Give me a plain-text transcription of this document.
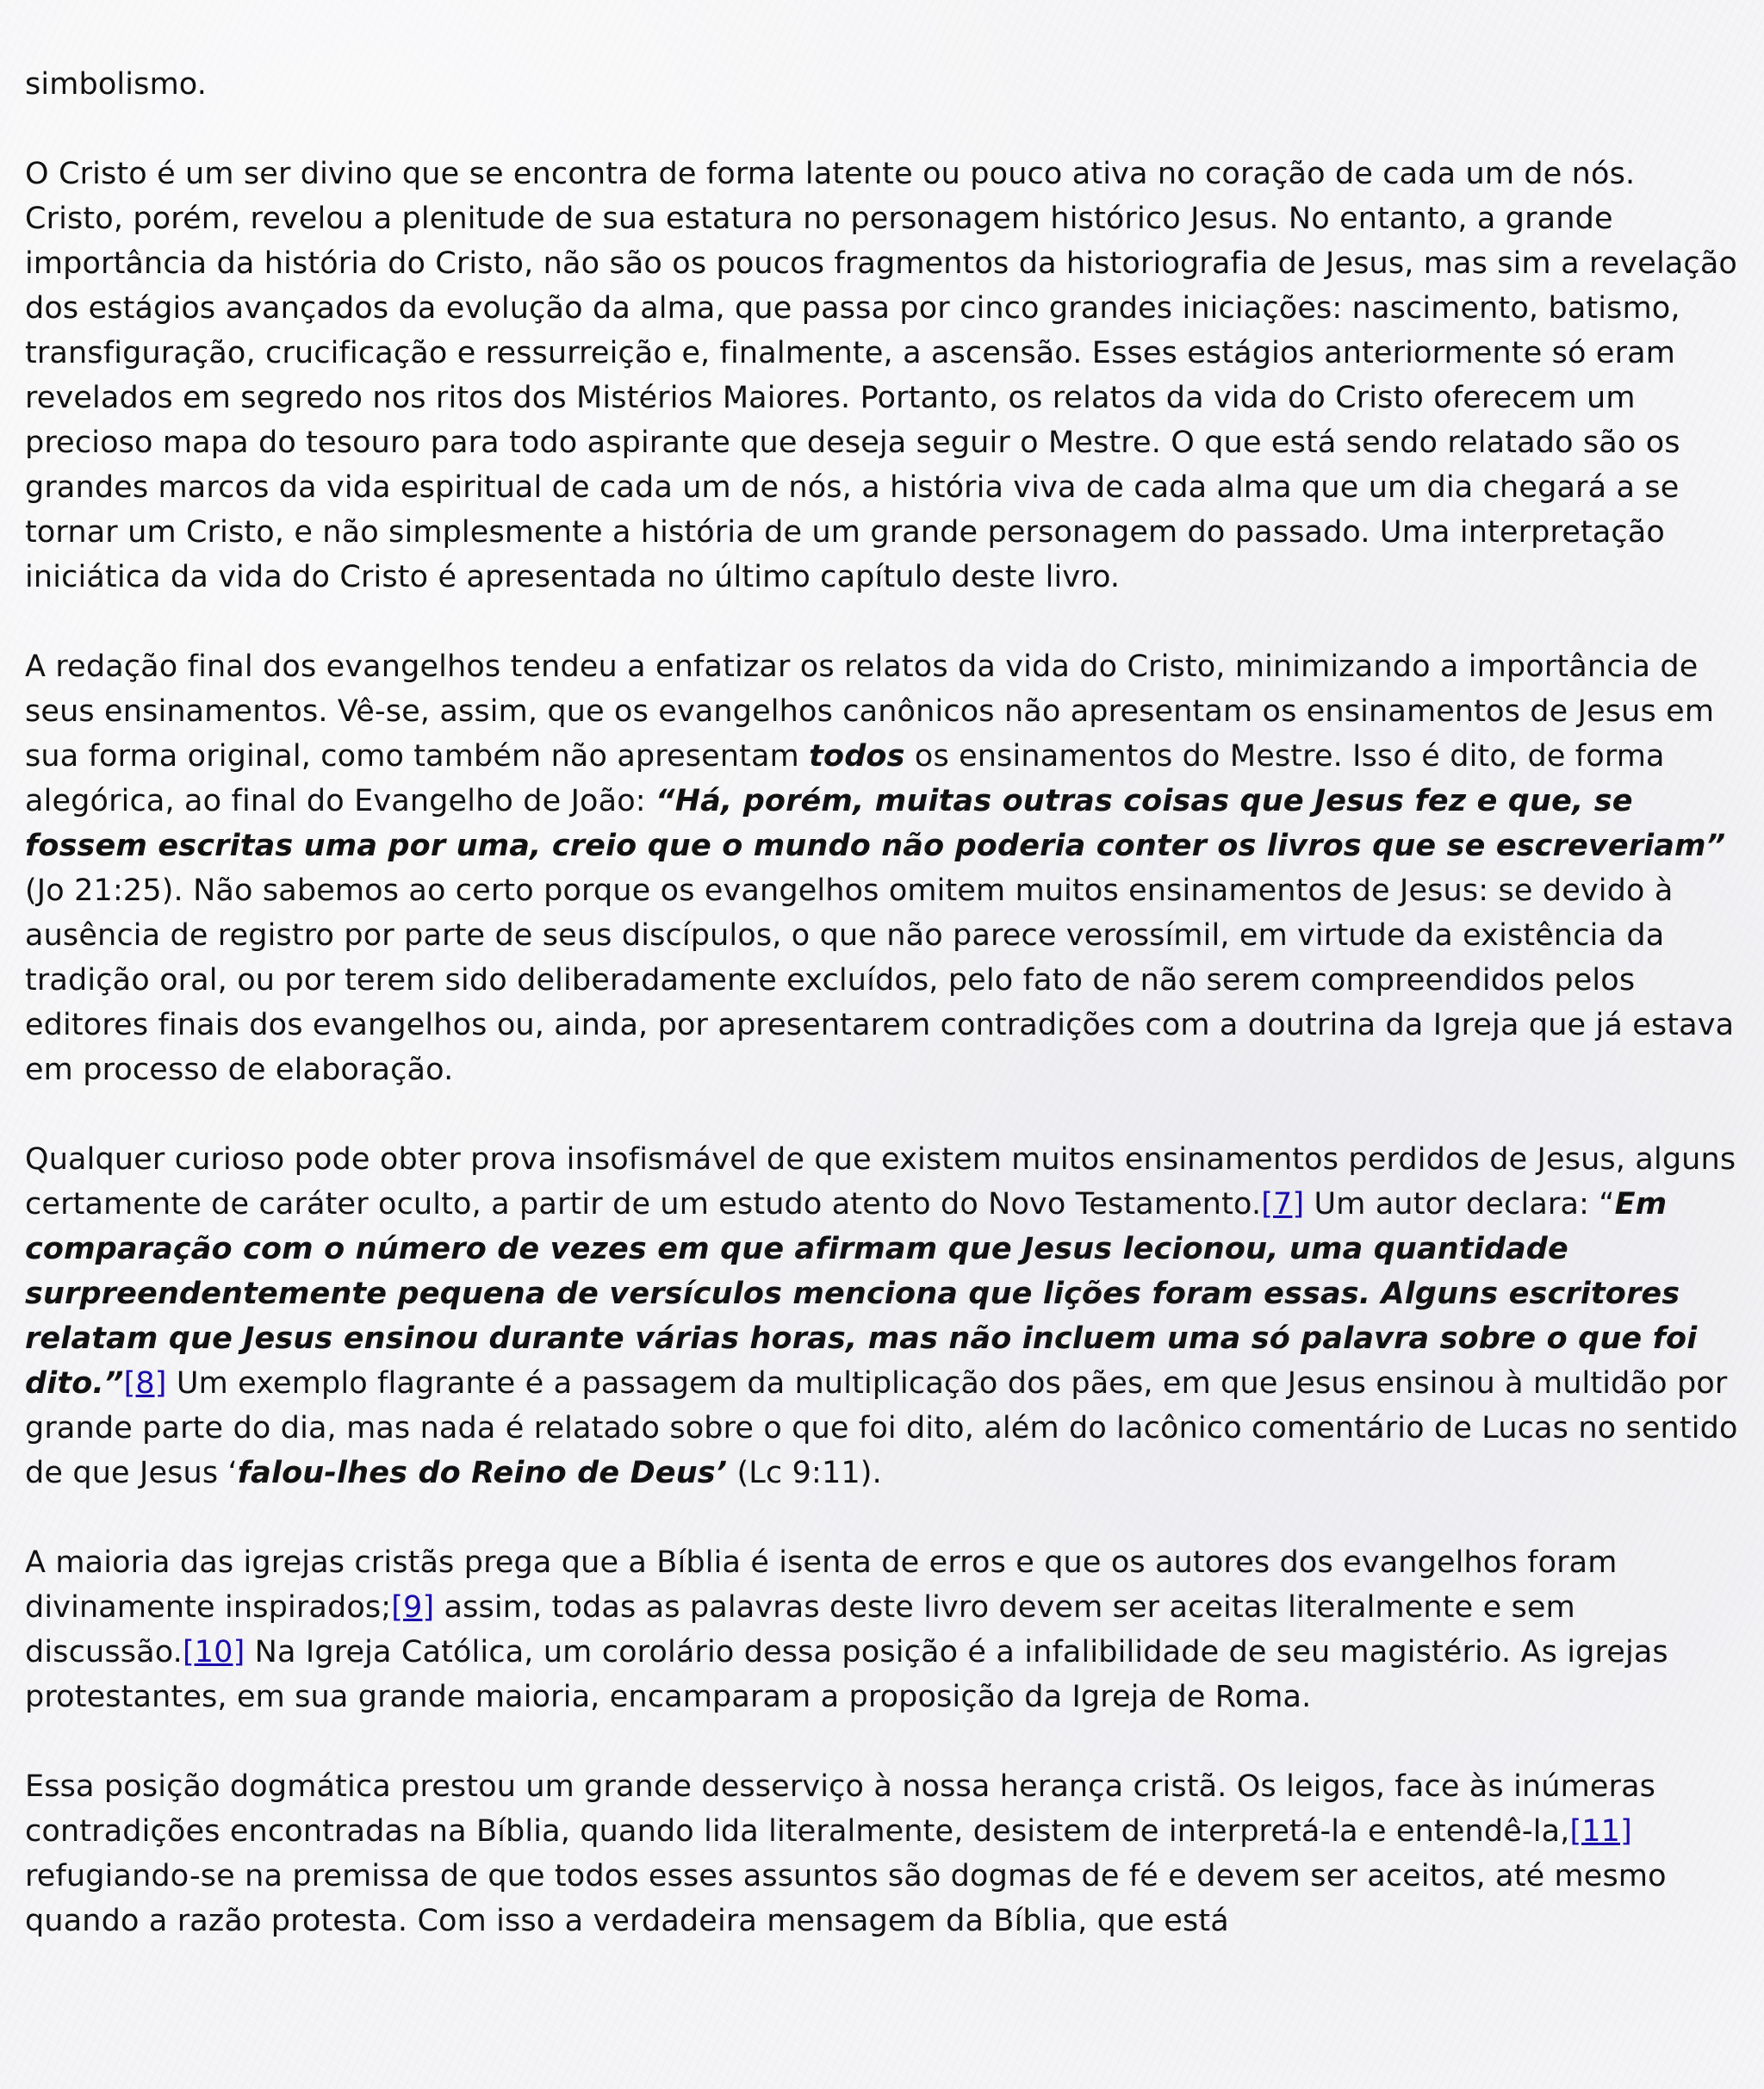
simbolismo.

O Cristo é um ser divino que se encontra de forma latente ou pouco ativa no coração de cada um de nós. Cristo, porém, revelou a plenitude de sua estatura no personagem histórico Jesus. No entanto, a grande importância da história do Cristo, não são os poucos fragmentos da historiografia de Jesus, mas sim a revelação dos estágios avançados da evolução da alma, que passa por cinco grandes iniciações: nascimento, batismo, transfiguração, crucificação e ressurreição e, finalmente, a ascensão. Esses estágios anteriormente só eram revelados em segredo nos ritos dos Mistérios Maiores. Portanto, os relatos da vida do Cristo oferecem um precioso mapa do tesouro para todo aspirante que deseja seguir o Mestre. O que está sendo relatado são os grandes marcos da vida espiritual de cada um de nós, a história viva de cada alma que um dia chegará a se tornar um Cristo, e não simplesmente a história de um grande personagem do passado. Uma interpretação iniciática da vida do Cristo é apresentada no último capítulo deste livro.

A redação final dos evangelhos tendeu a enfatizar os relatos da vida do Cristo, minimizando a importância de seus ensinamentos. Vê-se, assim, que os evangelhos canônicos não apresentam os ensinamentos de Jesus em sua forma original, como também não apresentam todos os ensinamentos do Mestre. Isso é dito, de forma alegórica, ao final do Evangelho de João: “Há, porém, muitas outras coisas que Jesus fez e que, se fossem escritas uma por uma, creio que o mundo não poderia conter os livros que se escreveriam” (Jo 21:25). Não sabemos ao certo porque os evangelhos omitem muitos ensinamentos de Jesus: se devido à ausência de registro por parte de seus discípulos, o que não parece verossímil, em virtude da existência da tradição oral, ou por terem sido deliberadamente excluídos, pelo fato de não serem compreendidos pelos editores finais dos evangelhos ou, ainda, por apresentarem contradições com a doutrina da Igreja que já estava em processo de elaboração.

Qualquer curioso pode obter prova insofismável de que existem muitos ensinamentos perdidos de Jesus, alguns certamente de caráter oculto, a partir de um estudo atento do Novo Testamento.[7] Um autor declara: “Em comparação com o número de vezes em que afirmam que Jesus lecionou, uma quantidade surpreendentemente pequena de versículos menciona que lições foram essas. Alguns escritores relatam que Jesus ensinou durante várias horas, mas não incluem uma só palavra sobre o que foi dito.”[8] Um exemplo flagrante é a passagem da multiplicação dos pães, em que Jesus ensinou à multidão por grande parte do dia, mas nada é relatado sobre o que foi dito, além do lacônico comentário de Lucas no sentido de que Jesus ‘falou-lhes do Reino de Deus’ (Lc 9:11).

A maioria das igrejas cristãs prega que a Bíblia é isenta de erros e que os autores dos evangelhos foram divinamente inspirados;[9] assim, todas as palavras deste livro devem ser aceitas literalmente e sem discussão.[10] Na Igreja Católica, um corolário dessa posição é a infalibilidade de seu magistério. As igrejas protestantes, em sua grande maioria, encamparam a proposição da Igreja de Roma.

Essa posição dogmática prestou um grande desserviço à nossa herança cristã. Os leigos, face às inúmeras contradições encontradas na Bíblia, quando lida literalmente, desistem de interpretá-la e entendê-la,[11] refugiando-se na premissa de que todos esses assuntos são dogmas de fé e devem ser aceitos, até mesmo quando a razão protesta. Com isso a verdadeira mensagem da Bíblia, que está
